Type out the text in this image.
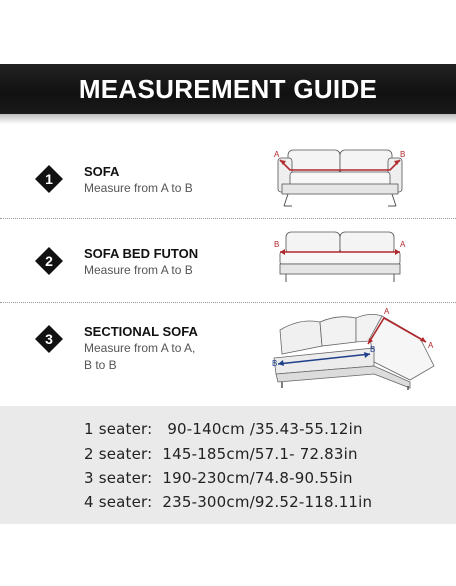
MEASUREMENT GUIDE
1 SOFA
Measure from A to B
A	B
2 SOFA BED FUTON
Measure from A to B
B	A
3 SECTIONAL SOFA
Measure from A to A,
B to B
A
A
B
B
1 seater:   90-140cm /35.43-55.12in
2 seater:  145-185cm/57.1- 72.83in
3 seater:  190-230cm/74.8-90.55in
4 seater:  235-300cm/92.52-118.11in
